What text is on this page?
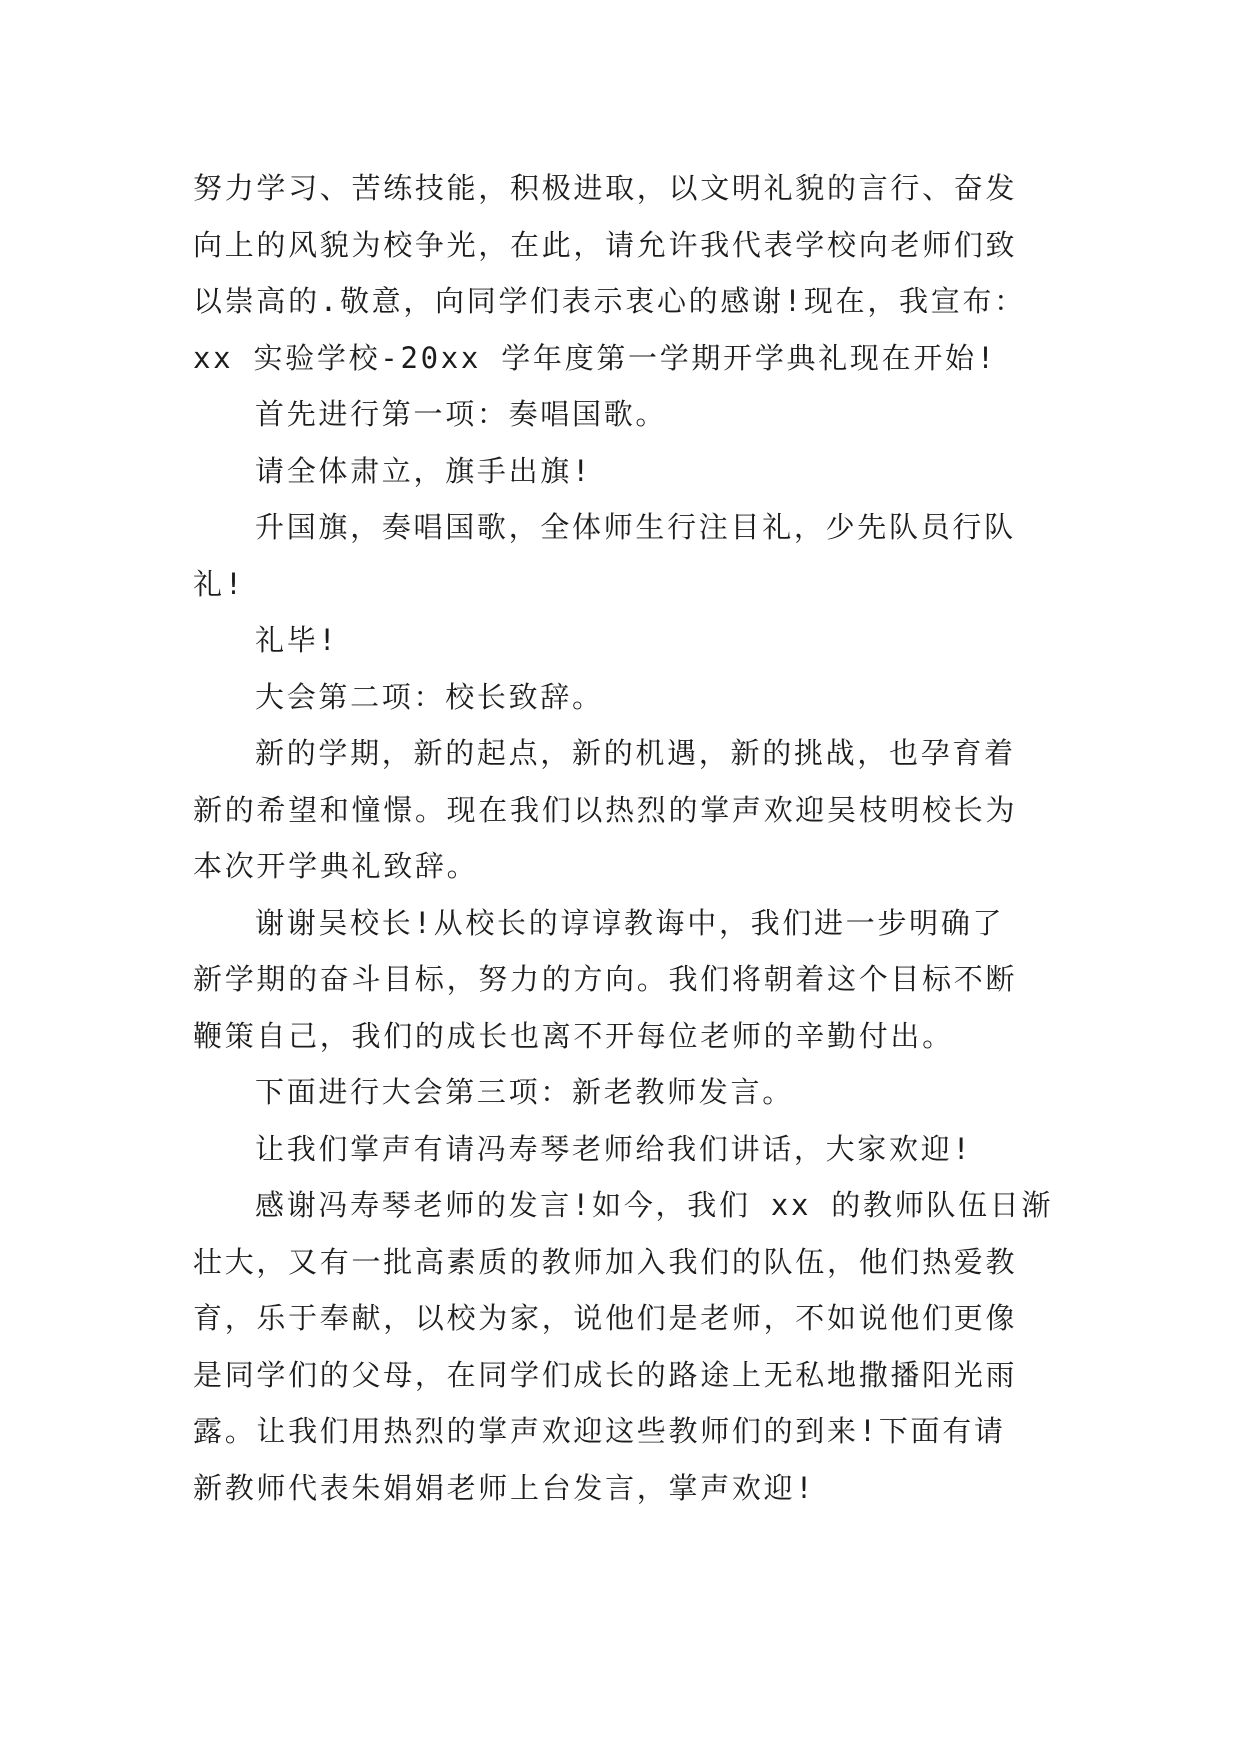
努力学习、苦练技能，积极进取，以文明礼貌的言行、奋发

向上的风貌为校争光，在此，请允许我代表学校向老师们致

以崇高的.敬意，向同学们表示衷心的感谢!现在，我宣布：

xx 实验学校-20xx 学年度第一学期开学典礼现在开始!

首先进行第一项：奏唱国歌。

请全体肃立，旗手出旗!

升国旗，奏唱国歌，全体师生行注目礼，少先队员行队

礼!

礼毕!

大会第二项：校长致辞。

新的学期，新的起点，新的机遇，新的挑战，也孕育着

新的希望和憧憬。现在我们以热烈的掌声欢迎吴枝明校长为

本次开学典礼致辞。

谢谢吴校长!从校长的谆谆教诲中，我们进一步明确了

新学期的奋斗目标，努力的方向。我们将朝着这个目标不断

鞭策自己，我们的成长也离不开每位老师的辛勤付出。

下面进行大会第三项：新老教师发言。

让我们掌声有请冯寿琴老师给我们讲话，大家欢迎!

感谢冯寿琴老师的发言!如今，我们 xx 的教师队伍日渐

壮大，又有一批高素质的教师加入我们的队伍，他们热爱教

育，乐于奉献，以校为家，说他们是老师，不如说他们更像

是同学们的父母，在同学们成长的路途上无私地撒播阳光雨

露。让我们用热烈的掌声欢迎这些教师们的到来!下面有请

新教师代表朱娟娟老师上台发言，掌声欢迎!
